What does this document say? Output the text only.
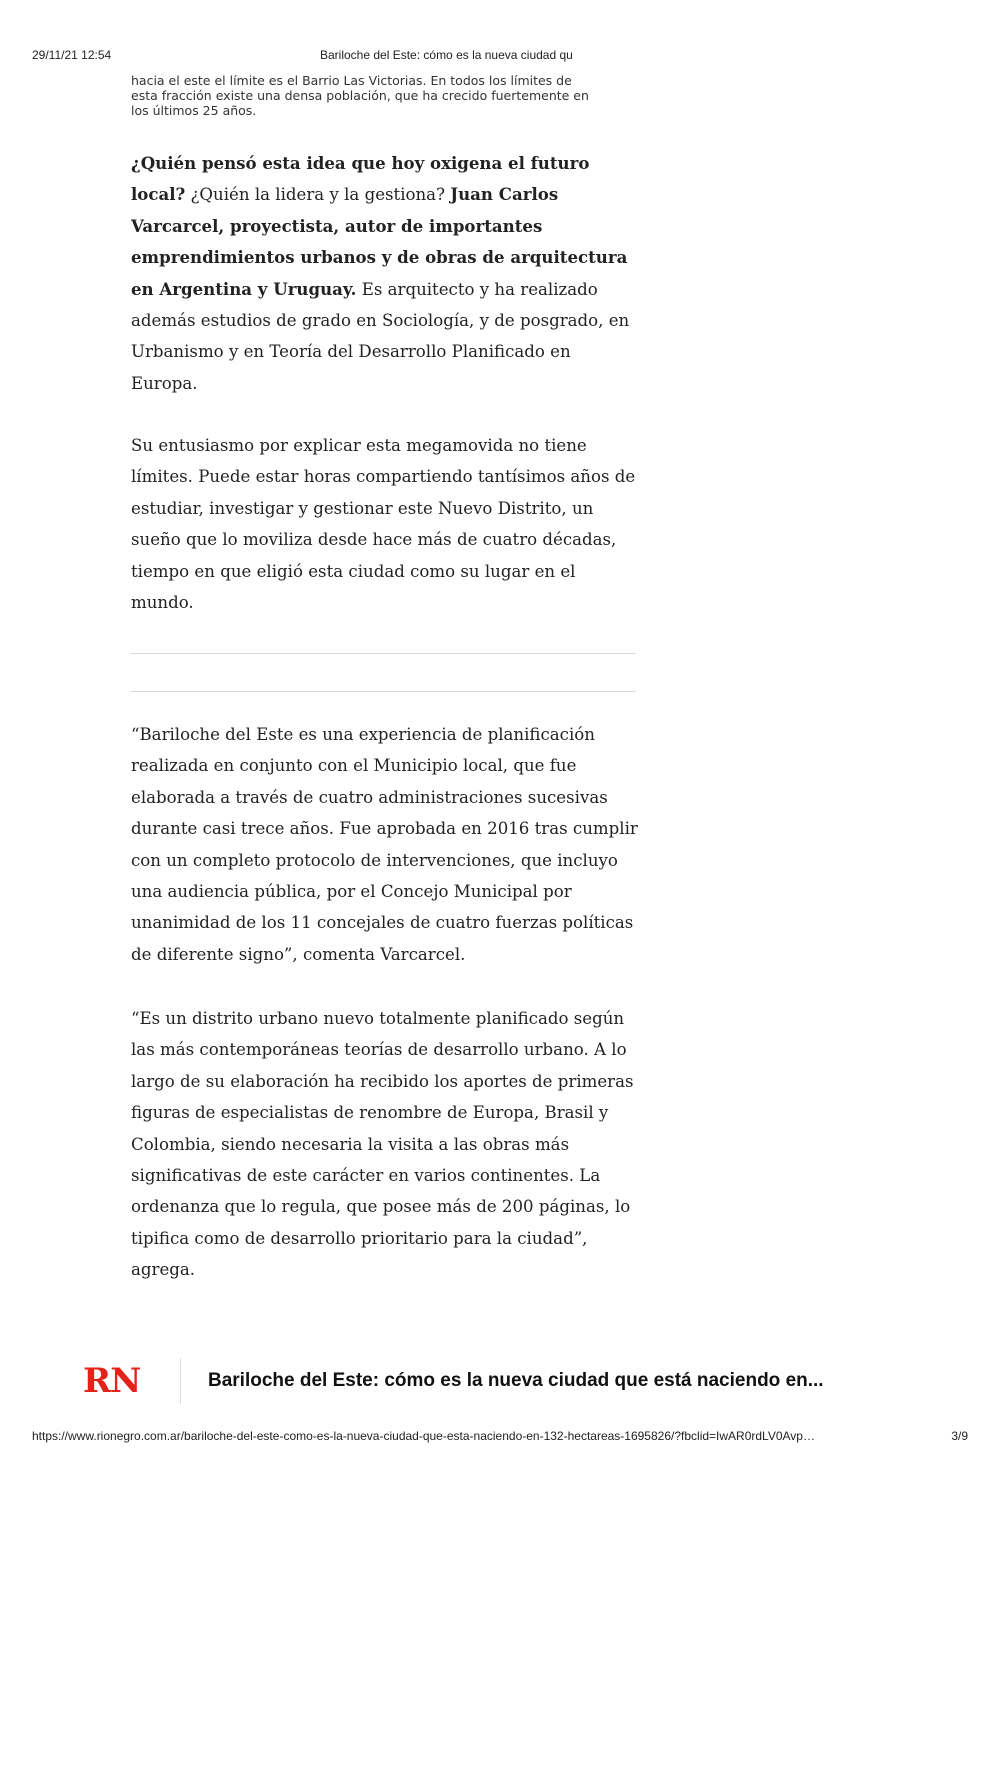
29/11/21 12:54	Bariloche del Este: cómo es la nueva ciudad qu
hacia el este el límite es el Barrio Las Victorias. En todos los límites de
esta fracción existe una densa población, que ha crecido fuertemente en
los últimos 25 años.
¿Quién pensó esta idea que hoy oxigena el futuro local? ¿Quién la lidera y la gestiona? Juan Carlos Varcarcel, proyectista, autor de importantes emprendimientos urbanos y de obras de arquitectura en Argentina y Uruguay. Es arquitecto y ha realizado además estudios de grado en Sociología, y de posgrado, en Urbanismo y en Teoría del Desarrollo Planificado en Europa.
Su entusiasmo por explicar esta megamovida no tiene límites. Puede estar horas compartiendo tantísimos años de estudiar, investigar y gestionar este Nuevo Distrito, un sueño que lo moviliza desde hace más de cuatro décadas, tiempo en que eligió esta ciudad como su lugar en el mundo.
“Bariloche del Este es una experiencia de planificación realizada en conjunto con el Municipio local, que fue elaborada a través de cuatro administraciones sucesivas durante casi trece años. Fue aprobada en 2016 tras cumplir con un completo protocolo de intervenciones, que incluyo una audiencia pública, por el Concejo Municipal por unanimidad de los 11 concejales de cuatro fuerzas políticas de diferente signo”, comenta Varcarcel.
“Es un distrito urbano nuevo totalmente planificado según las más contemporáneas teorías de desarrollo urbano. A lo largo de su elaboración ha recibido los aportes de primeras figuras de especialistas de renombre de Europa, Brasil y Colombia, siendo necesaria la visita a las obras más significativas de este carácter en varios continentes. La ordenanza que lo regula, que posee más de 200 páginas, lo tipifica como de desarrollo prioritario para la ciudad”, agrega.
RN	Bariloche del Este: cómo es la nueva ciudad que está naciendo en...
https://www.rionegro.com.ar/bariloche-del-este-como-es-la-nueva-ciudad-que-esta-naciendo-en-132-hectareas-1695826/?fbclid=IwAR0rdLV0Avp…	3/9
